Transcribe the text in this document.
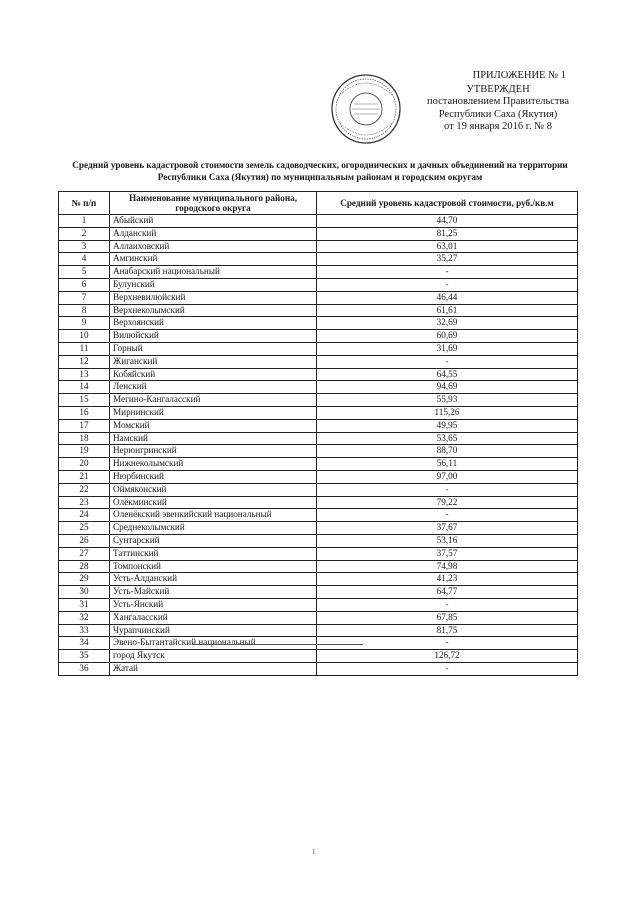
ПРИЛОЖЕНИЕ № 1
УТВЕРЖДЕН
постановлением Правительства
Республики Саха (Якутия)
от 19 января 2016 г. № 8
Средний уровень кадастровой стоимости земель садоводческих, огороднических и дачных объединений на территории Республики Саха (Якутия) по муниципальным районам и городским округам
№ п/п	Наименование муниципального района, городского округа	Средний уровень кадастровой стоимости, руб./кв.м
1	Абыйский	44,70
2	Алданский	81,25
3	Аллаиховский	63,01
4	Амгинский	35,27
5	Анабарский национальный	-
6	Булунский	-
7	Верхневилюйский	46,44
8	Верхнеколымский	61,61
9	Верхоянский	32,69
10	Вилюйский	60,69
11	Горный	31,69
12	Жиганский	-
13	Кобяйский	64,55
14	Ленский	94,69
15	Мегино-Кангаласский	55,93
16	Мирнинский	115,26
17	Момский	49,95
18	Намский	53,65
19	Нерюнгринский	88,70
20	Нижнеколымский	56,11
21	Нюрбинский	97,00
22	Оймяконский	-
23	Олёкминский	79,22
24	Оленёкский эвенкийский национальный	-
25	Среднеколымский	37,67
26	Сунтарский	53,16
27	Таттинский	37,57
28	Томпонский	74,98
29	Усть-Алданский	41,23
30	Усть-Майский	64,77
31	Усть-Янский	-
32	Хангаласский	67,85
33	Чурапчинский	81,75
34	Эвено-Бытантайский национальный	-
35	город Якутск	126,72
36	Жатай	-
1
